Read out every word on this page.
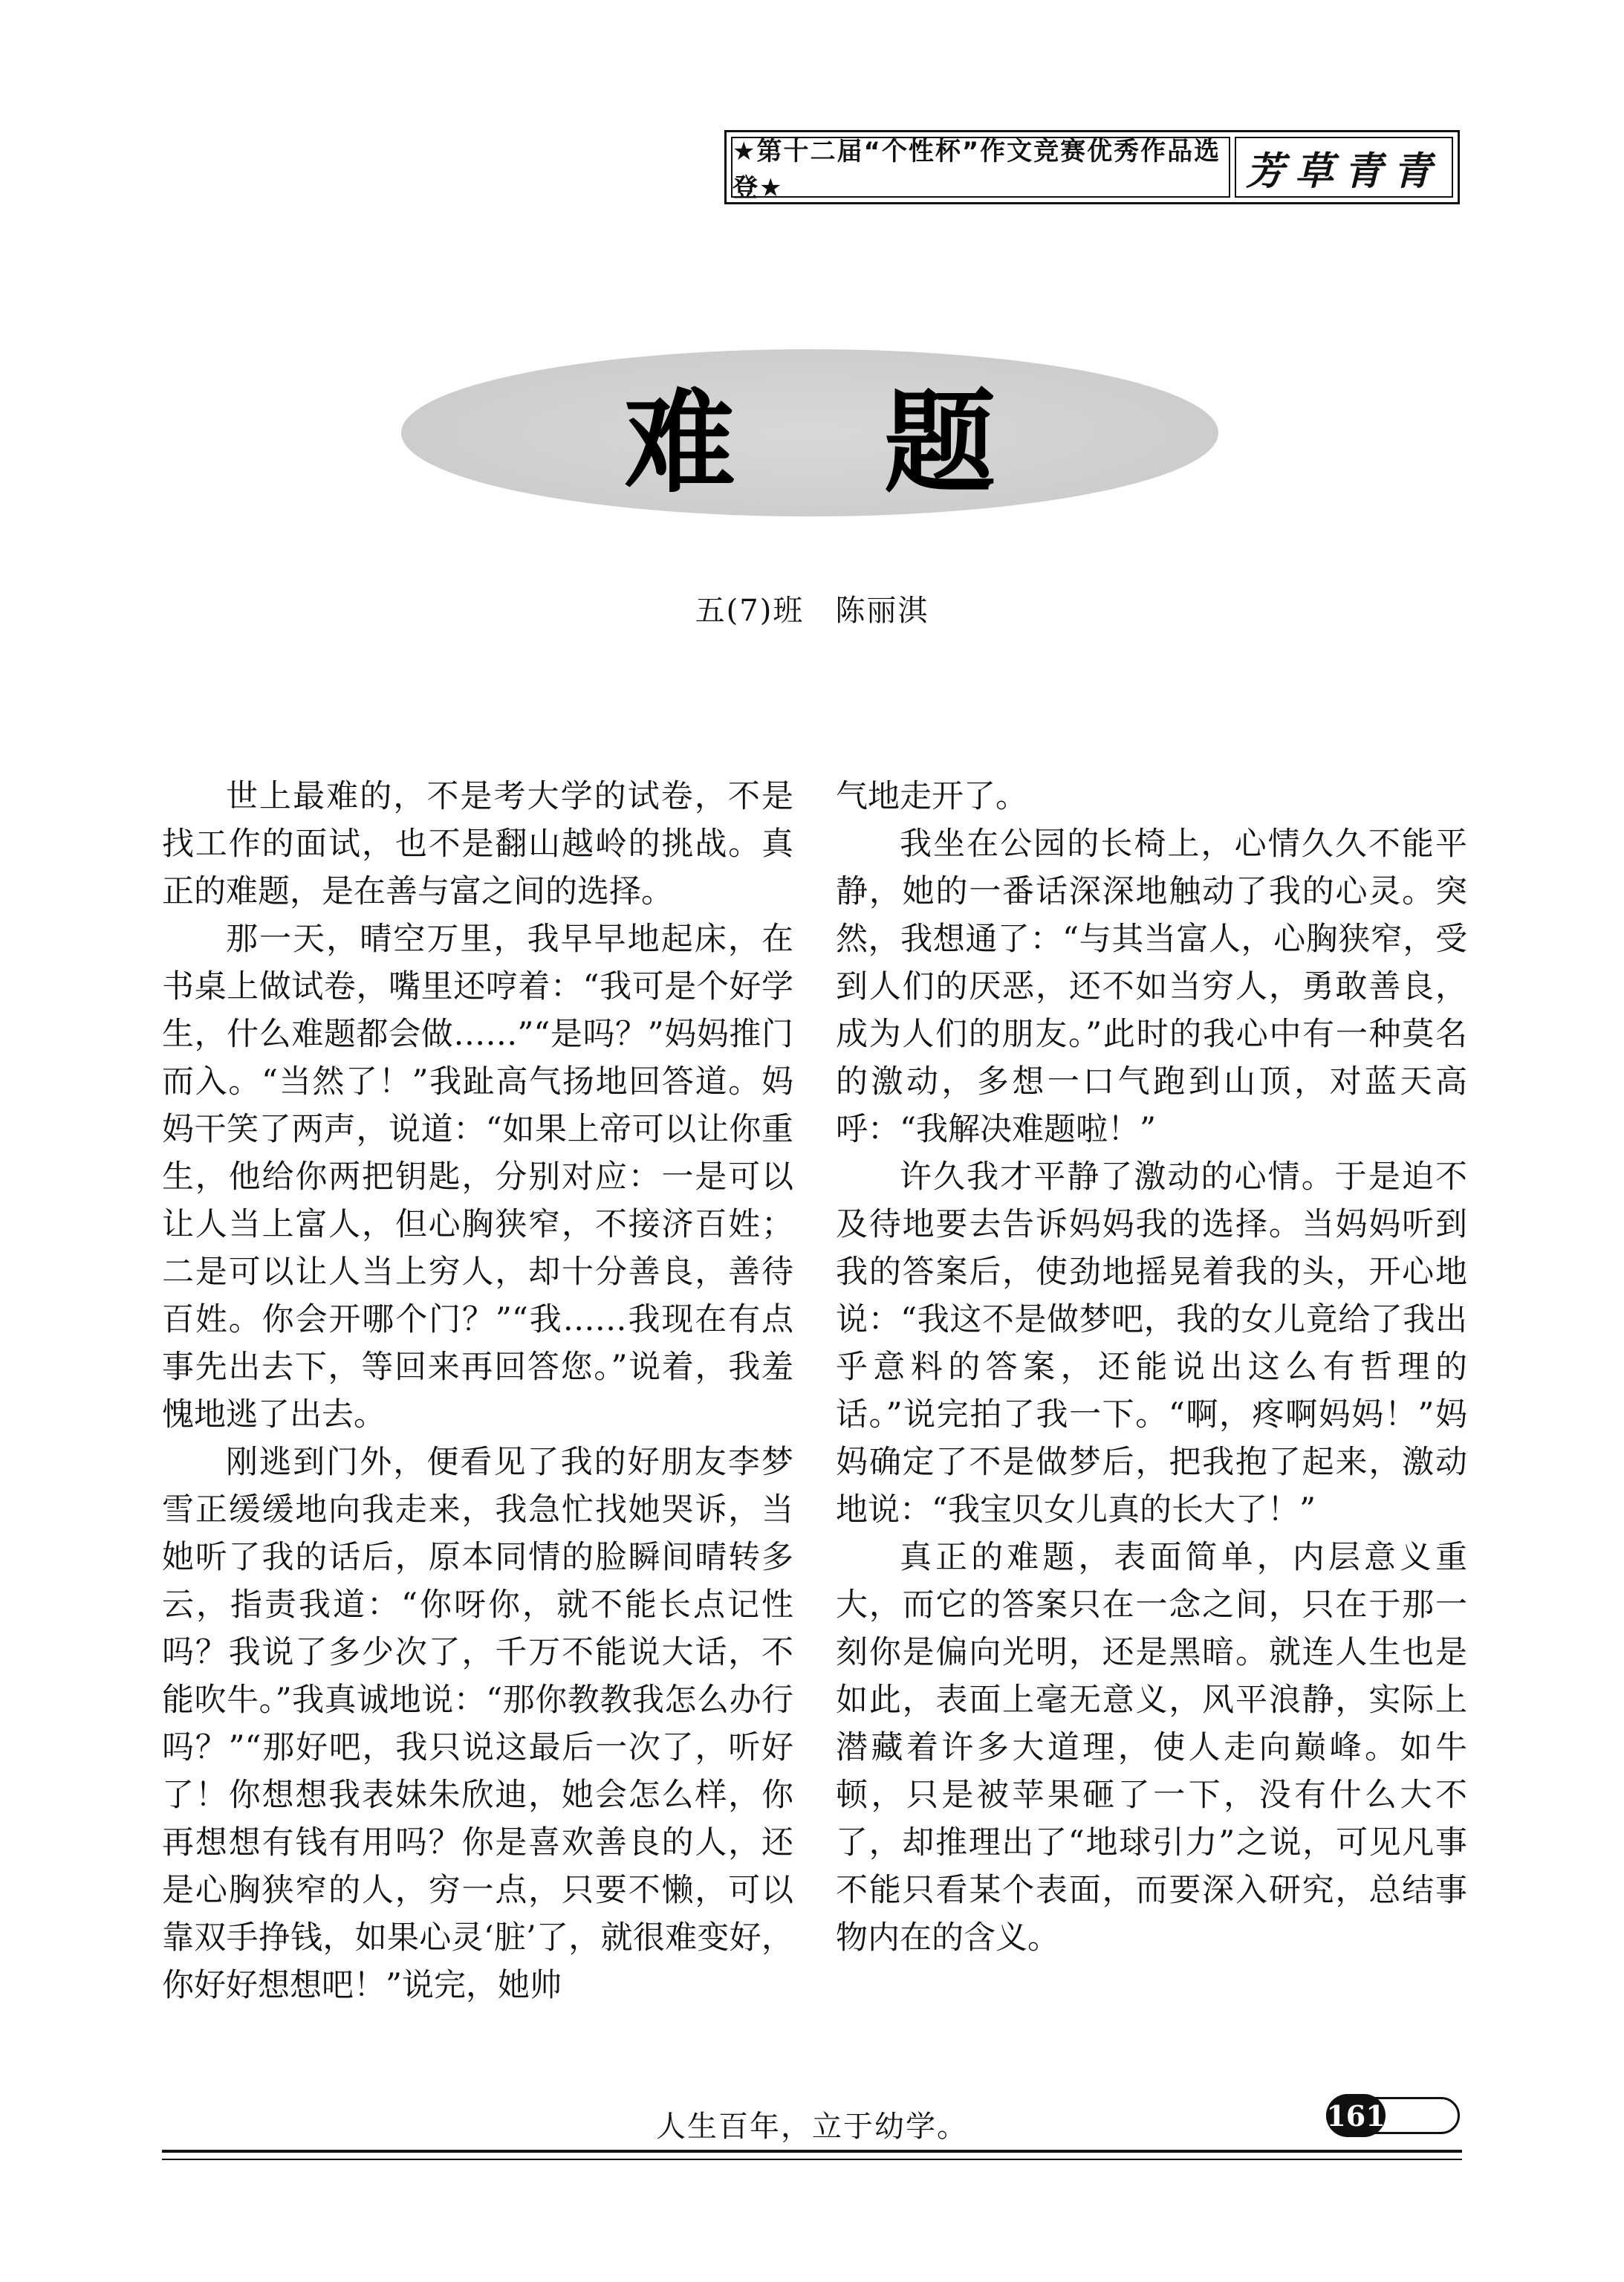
★第十二届“个性杯”作文竞赛优秀作品选登★	芳草青青
难题
五(7)班　陈丽淇

世上最难的，不是考大学的试卷，不是找工作的面试，也不是翻山越岭的挑战。真正的难题，是在善与富之间的选择。

那一天，晴空万里，我早早地起床，在书桌上做试卷，嘴里还哼着：“我可是个好学生，什么难题都会做……”“是吗？”妈妈推门而入。“当然了！”我趾高气扬地回答道。妈妈干笑了两声，说道：“如果上帝可以让你重生，他给你两把钥匙，分别对应：一是可以让人当上富人，但心胸狭窄，不接济百姓；二是可以让人当上穷人，却十分善良，善待百姓。你会开哪个门？”“我……我现在有点事先出去下，等回来再回答您。”说着，我羞愧地逃了出去。

刚逃到门外，便看见了我的好朋友李梦雪正缓缓地向我走来，我急忙找她哭诉，当她听了我的话后，原本同情的脸瞬间晴转多云，指责我道：“你呀你，就不能长点记性吗？我说了多少次了，千万不能说大话，不能吹牛。”我真诚地说：“那你教教我怎么办行吗？”“那好吧，我只说这最后一次了，听好了！你想想我表妹朱欣迪，她会怎么样，你再想想有钱有用吗？你是喜欢善良的人，还是心胸狭窄的人，穷一点，只要不懒，可以靠双手挣钱，如果心灵‘脏’了，就很难变好，你好好想想吧！”说完，她帅

气地走开了。

我坐在公园的长椅上，心情久久不能平静，她的一番话深深地触动了我的心灵。突然，我想通了：“与其当富人，心胸狭窄，受到人们的厌恶，还不如当穷人，勇敢善良，成为人们的朋友。”此时的我心中有一种莫名的激动，多想一口气跑到山顶，对蓝天高呼：“我解决难题啦！”

许久我才平静了激动的心情。于是迫不及待地要去告诉妈妈我的选择。当妈妈听到我的答案后，使劲地摇晃着我的头，开心地说：“我这不是做梦吧，我的女儿竟给了我出乎意料的答案，还能说出这么有哲理的话。”说完拍了我一下。“啊，疼啊妈妈！”妈妈确定了不是做梦后，把我抱了起来，激动地说：“我宝贝女儿真的长大了！”

真正的难题，表面简单，内层意义重大，而它的答案只在一念之间，只在于那一刻你是偏向光明，还是黑暗。就连人生也是如此，表面上毫无意义，风平浪静，实际上潜藏着许多大道理，使人走向巅峰。如牛顿，只是被苹果砸了一下，没有什么大不了，却推理出了“地球引力”之说，可见凡事不能只看某个表面，而要深入研究，总结事物内在的含义。

人生百年，立于幼学。	161
